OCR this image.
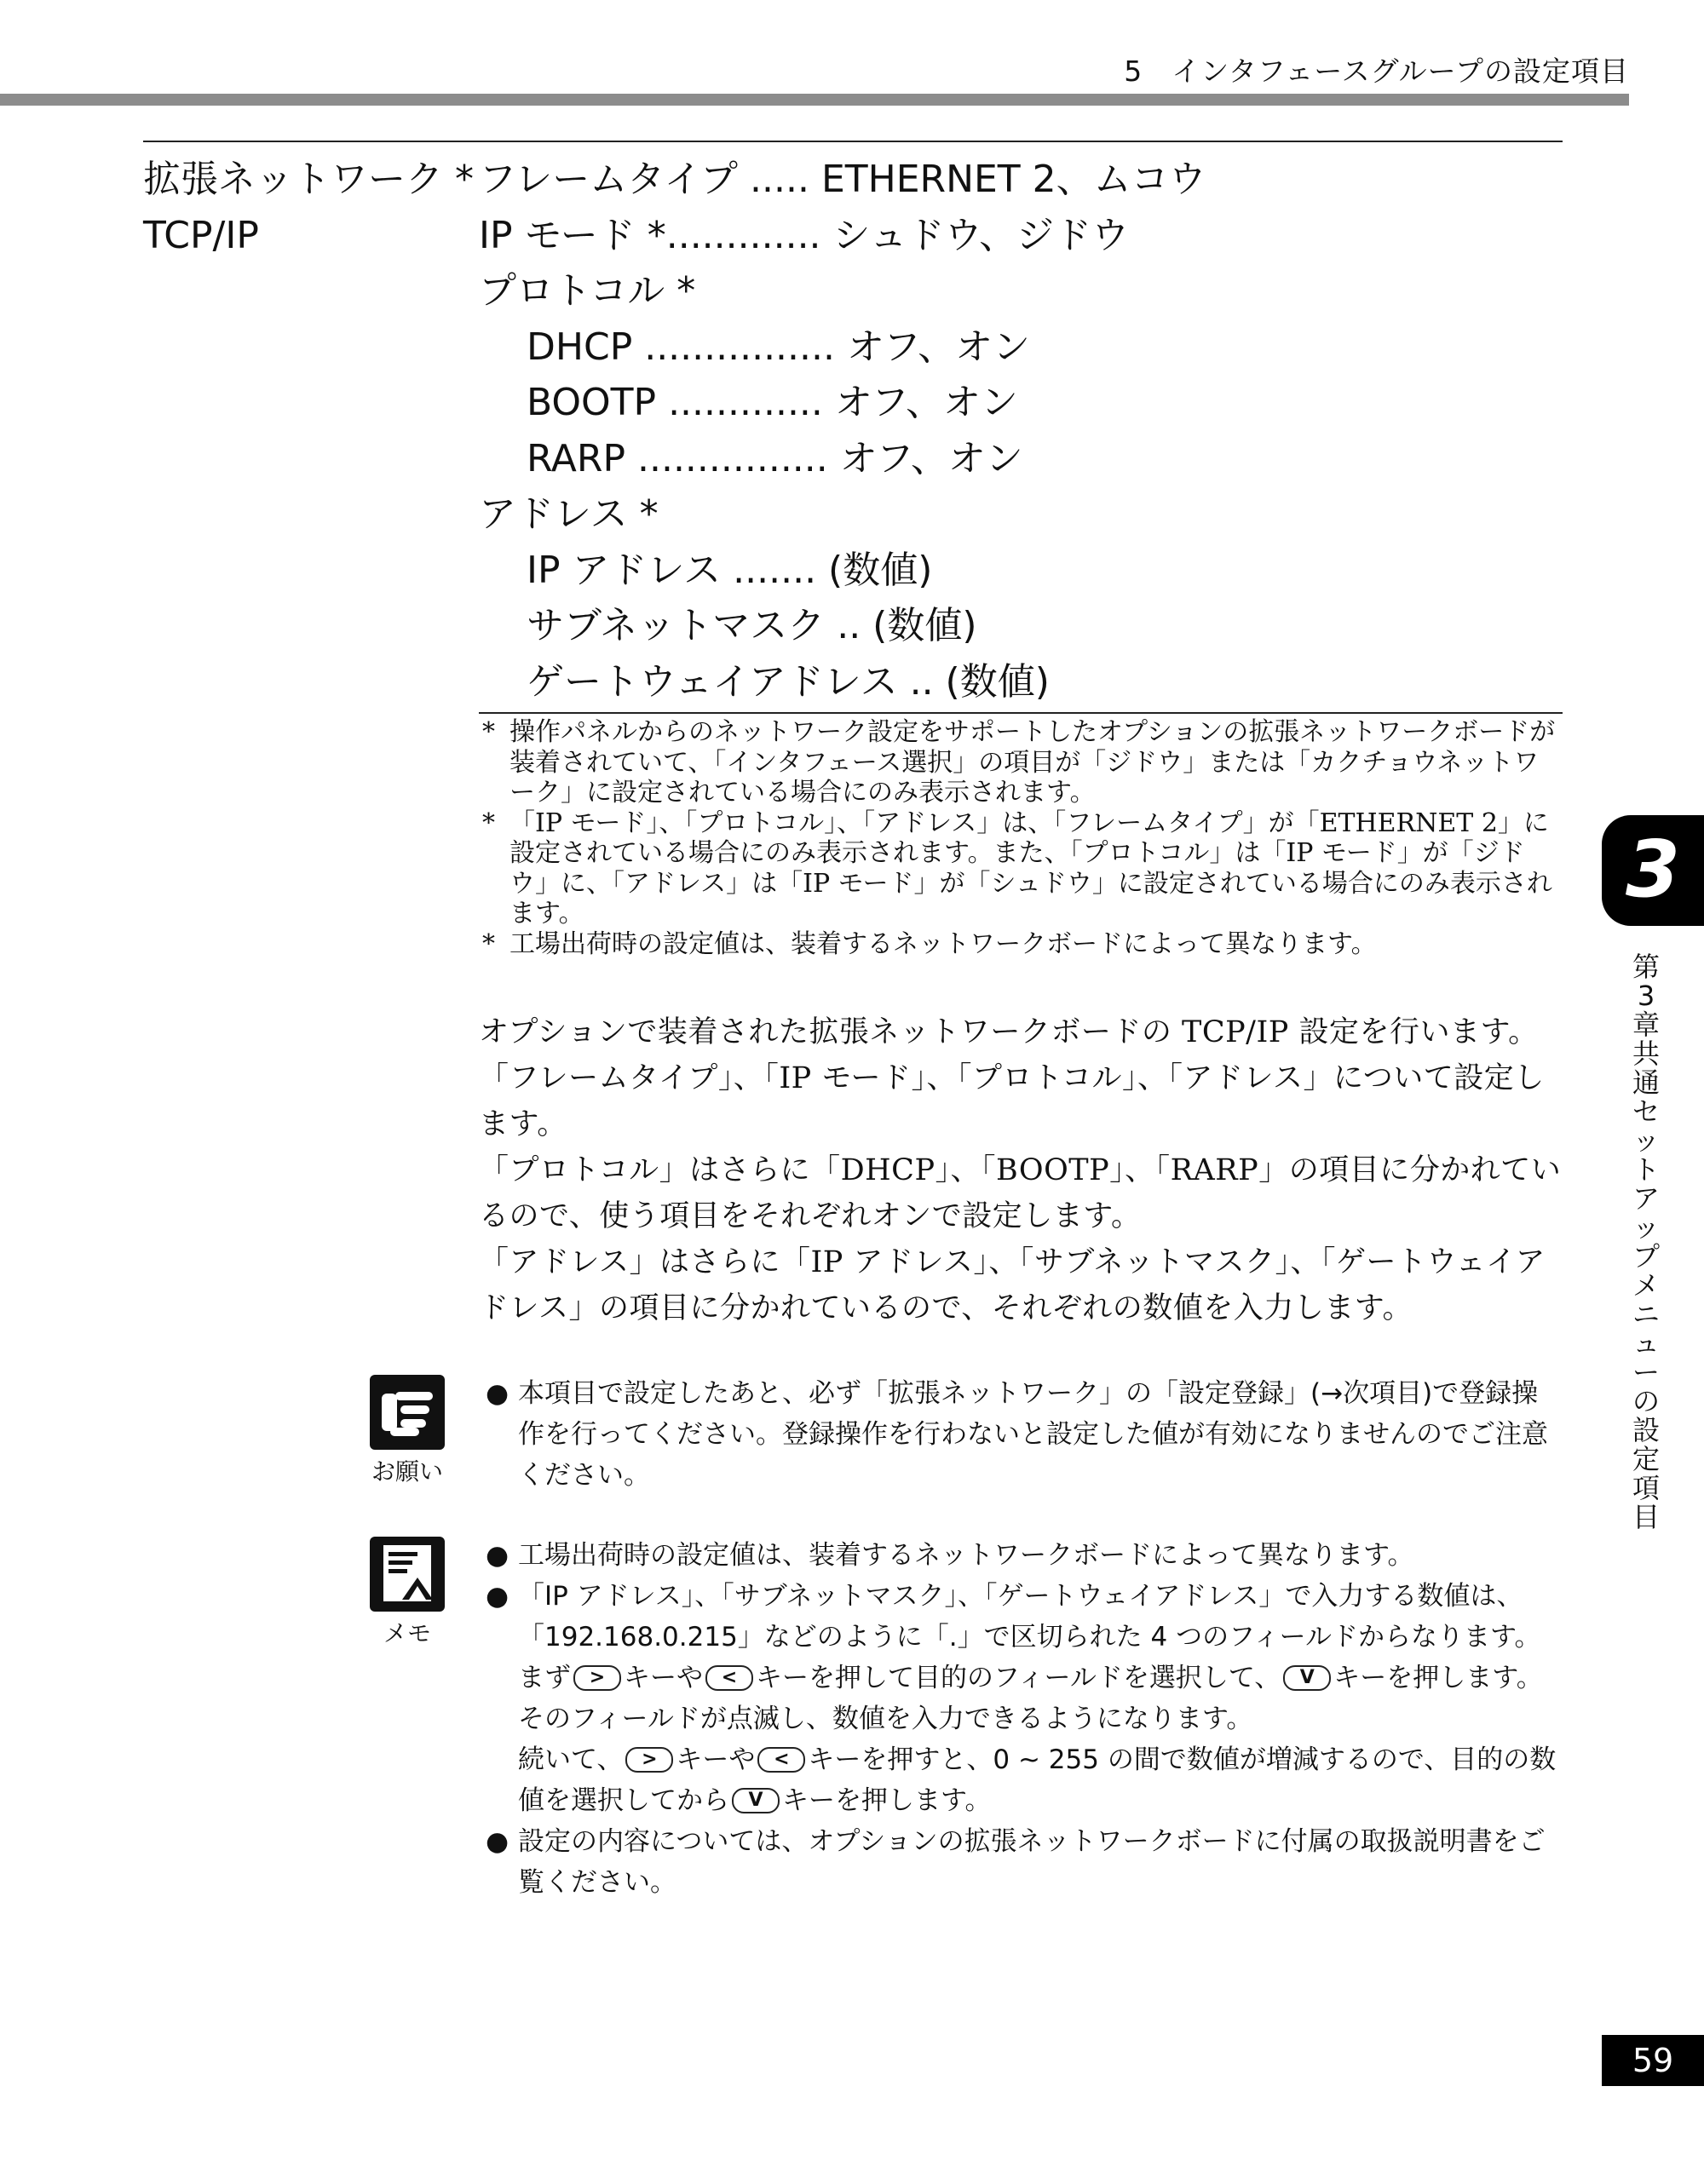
5　インタフェースグループの設定項目
拡張ネットワーク *
TCP/IP
フレームタイプ ..... ETHERNET 2、ムコウ
IP モード *............. シュドウ、ジドウ
プロトコル *
DHCP ................ オフ、オン
BOOTP ............. オフ、オン
RARP ................ オフ、オン
アドレス *
IP アドレス ....... (数値)
サブネットマスク .. (数値)
ゲートウェイアドレス .. (数値)
* 操作パネルからのネットワーク設定をサポートしたオプションの拡張ネットワークボードが装着されていて、「インタフェース選択」の項目が「ジドウ」または「カクチョウネットワーク」に設定されている場合にのみ表示されます。
* 「IP モード」、「プロトコル」、「アドレス」は、「フレームタイプ」が「ETHERNET 2」に設定されている場合にのみ表示されます。また、「プロトコル」は「IP モード」が「ジドウ」に、「アドレス」は「IP モード」が「シュドウ」に設定されている場合にのみ表示されます。
* 工場出荷時の設定値は、装着するネットワークボードによって異なります。

オプションで装着された拡張ネットワークボードの TCP/IP 設定を行います。

「フレームタイプ」、「IP モード」、「プロトコル」、「アドレス」について設定します。

「プロトコル」はさらに「DHCP」、「BOOTP」、「RARP」の項目に分かれているので、使う項目をそれぞれオンで設定します。

「アドレス」はさらに「IP アドレス」、「サブネットマスク」、「ゲートウェイアドレス」の項目に分かれているので、それぞれの数値を入力します。

お願い
● 本項目で設定したあと、必ず「拡張ネットワーク」の「設定登録」(→次項目)で登録操作を行ってください。登録操作を行わないと設定した値が有効になりませんのでご注意ください。
メモ
● 工場出荷時の設定値は、装着するネットワークボードによって異なります。
● 「IP アドレス」、「サブネットマスク」、「ゲートウェイアドレス」で入力する数値は、「192.168.0.215」などのように「.」で区切られた 4 つのフィールドからなります。まず > キーや < キーを押して目的のフィールドを選択して、 V キーを押します。そのフィールドが点滅し、数値を入力できるようになります。
続いて、 > キーや < キーを押すと、0 ~ 255 の間で数値が増減するので、目的の数値を選択してから V キーを押します。
● 設定の内容については、オプションの拡張ネットワークボードに付属の取扱説明書をご覧ください。
3
第3章 共通セットアップメニューの設定項目
59
